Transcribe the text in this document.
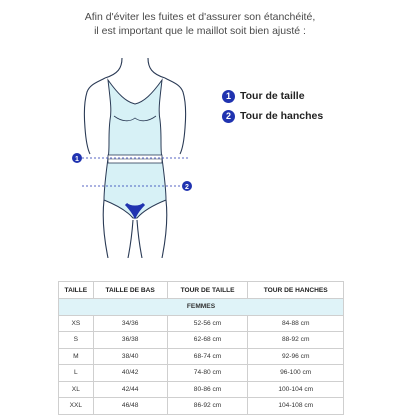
Afin d'éviter les fuites et d'assurer son étanchéité,
il est important que le maillot soit bien ajusté :
1
2
1 Tour de taille
2 Tour de hanches
TAILLE	TAILLE DE BAS	TOUR DE TAILLE	TOUR DE HANCHES
FEMMES			
XS	34/36	52-56 cm	84-88 cm
S	36/38	62-68 cm	88-92 cm
M	38/40	68-74 cm	92-96 cm
L	40/42	74-80 cm	96-100 cm
XL	42/44	80-86 cm	100-104 cm
XXL	46/48	86-92 cm	104-108 cm
